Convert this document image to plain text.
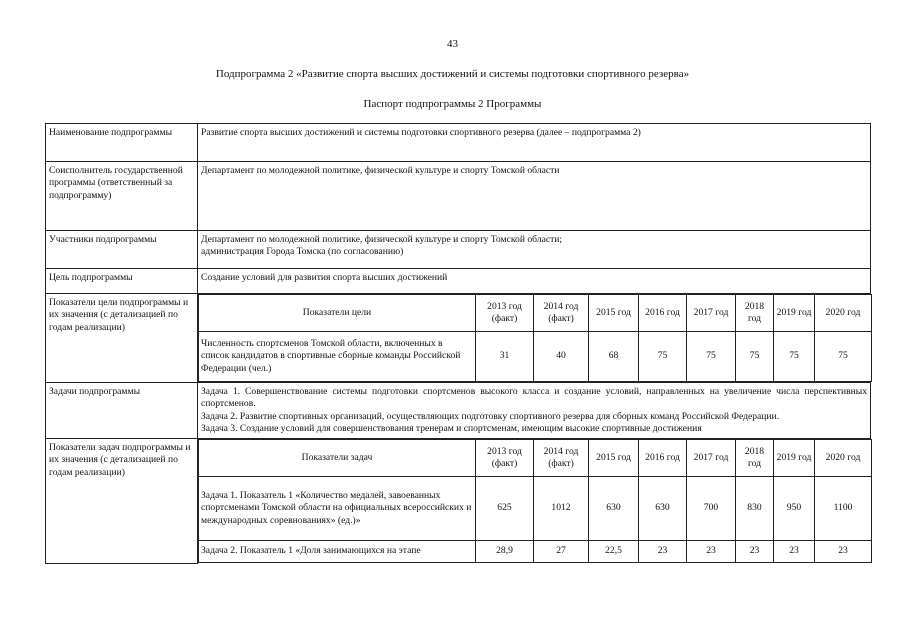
43
Подпрограмма 2 «Развитие спорта высших достижений и системы подготовки спортивного резерва»
Паспорт подпрограммы 2 Программы
Наименование подпрограммы	Развитие спорта высших достижений и системы подготовки спортивного резерва (далее – подпрограмма 2)
Соисполнитель государственной программы (ответственный за подпрограмму)	Департамент по молодежной политике, физической культуре и спорту Томской области
Участники подпрограммы	Департамент по молодежной политике, физической культуре и спорту Томской области;
администрация Города Томска (по согласованию)

Цель подпрограммы	Создание условий для развития спорта высших достижений
Показатели цели подпрограммы и их значения (с детализацией по годам реализации)	
Показатели цели	2013 год (факт)	2014 год (факт)	2015 год	2016 год	2017 год	2018 год	2019 год	2020 год
Численность спортсменов Томской области, включенных в список кандидатов в спортивные сборные команды Российской Федерации (чел.)	31	40	68	75	75	75	75	75

Задачи подпрограммы	Задача 1. Совершенствование системы подготовки спортсменов высокого класса и создание условий, направленных на увеличение числа перспективных спортсменов.
Задача 2. Развитие спортивных организаций, осуществляющих подготовку спортивного резерва для сборных команд Российской Федерации.
Задача 3. Создание условий для совершенствования тренерам и спортсменам, имеющим высокие спортивные достижения

Показатели задач подпрограммы и их значения (с детализацией по годам реализации)	
Показатели задач	2013 год (факт)	2014 год (факт)	2015 год	2016 год	2017 год	2018 год	2019 год	2020 год
Задача 1. Показатель 1 «Количество медалей, завоеванных спортсменами Томской области на официальных всероссийских и международных соревнованиях» (ед.)»	625	1012	630	630	700	830	950	1100
Задача 2. Показатель 1 «Доля занимающихся на этапе	28,9	27	22,5	23	23	23	23	23
